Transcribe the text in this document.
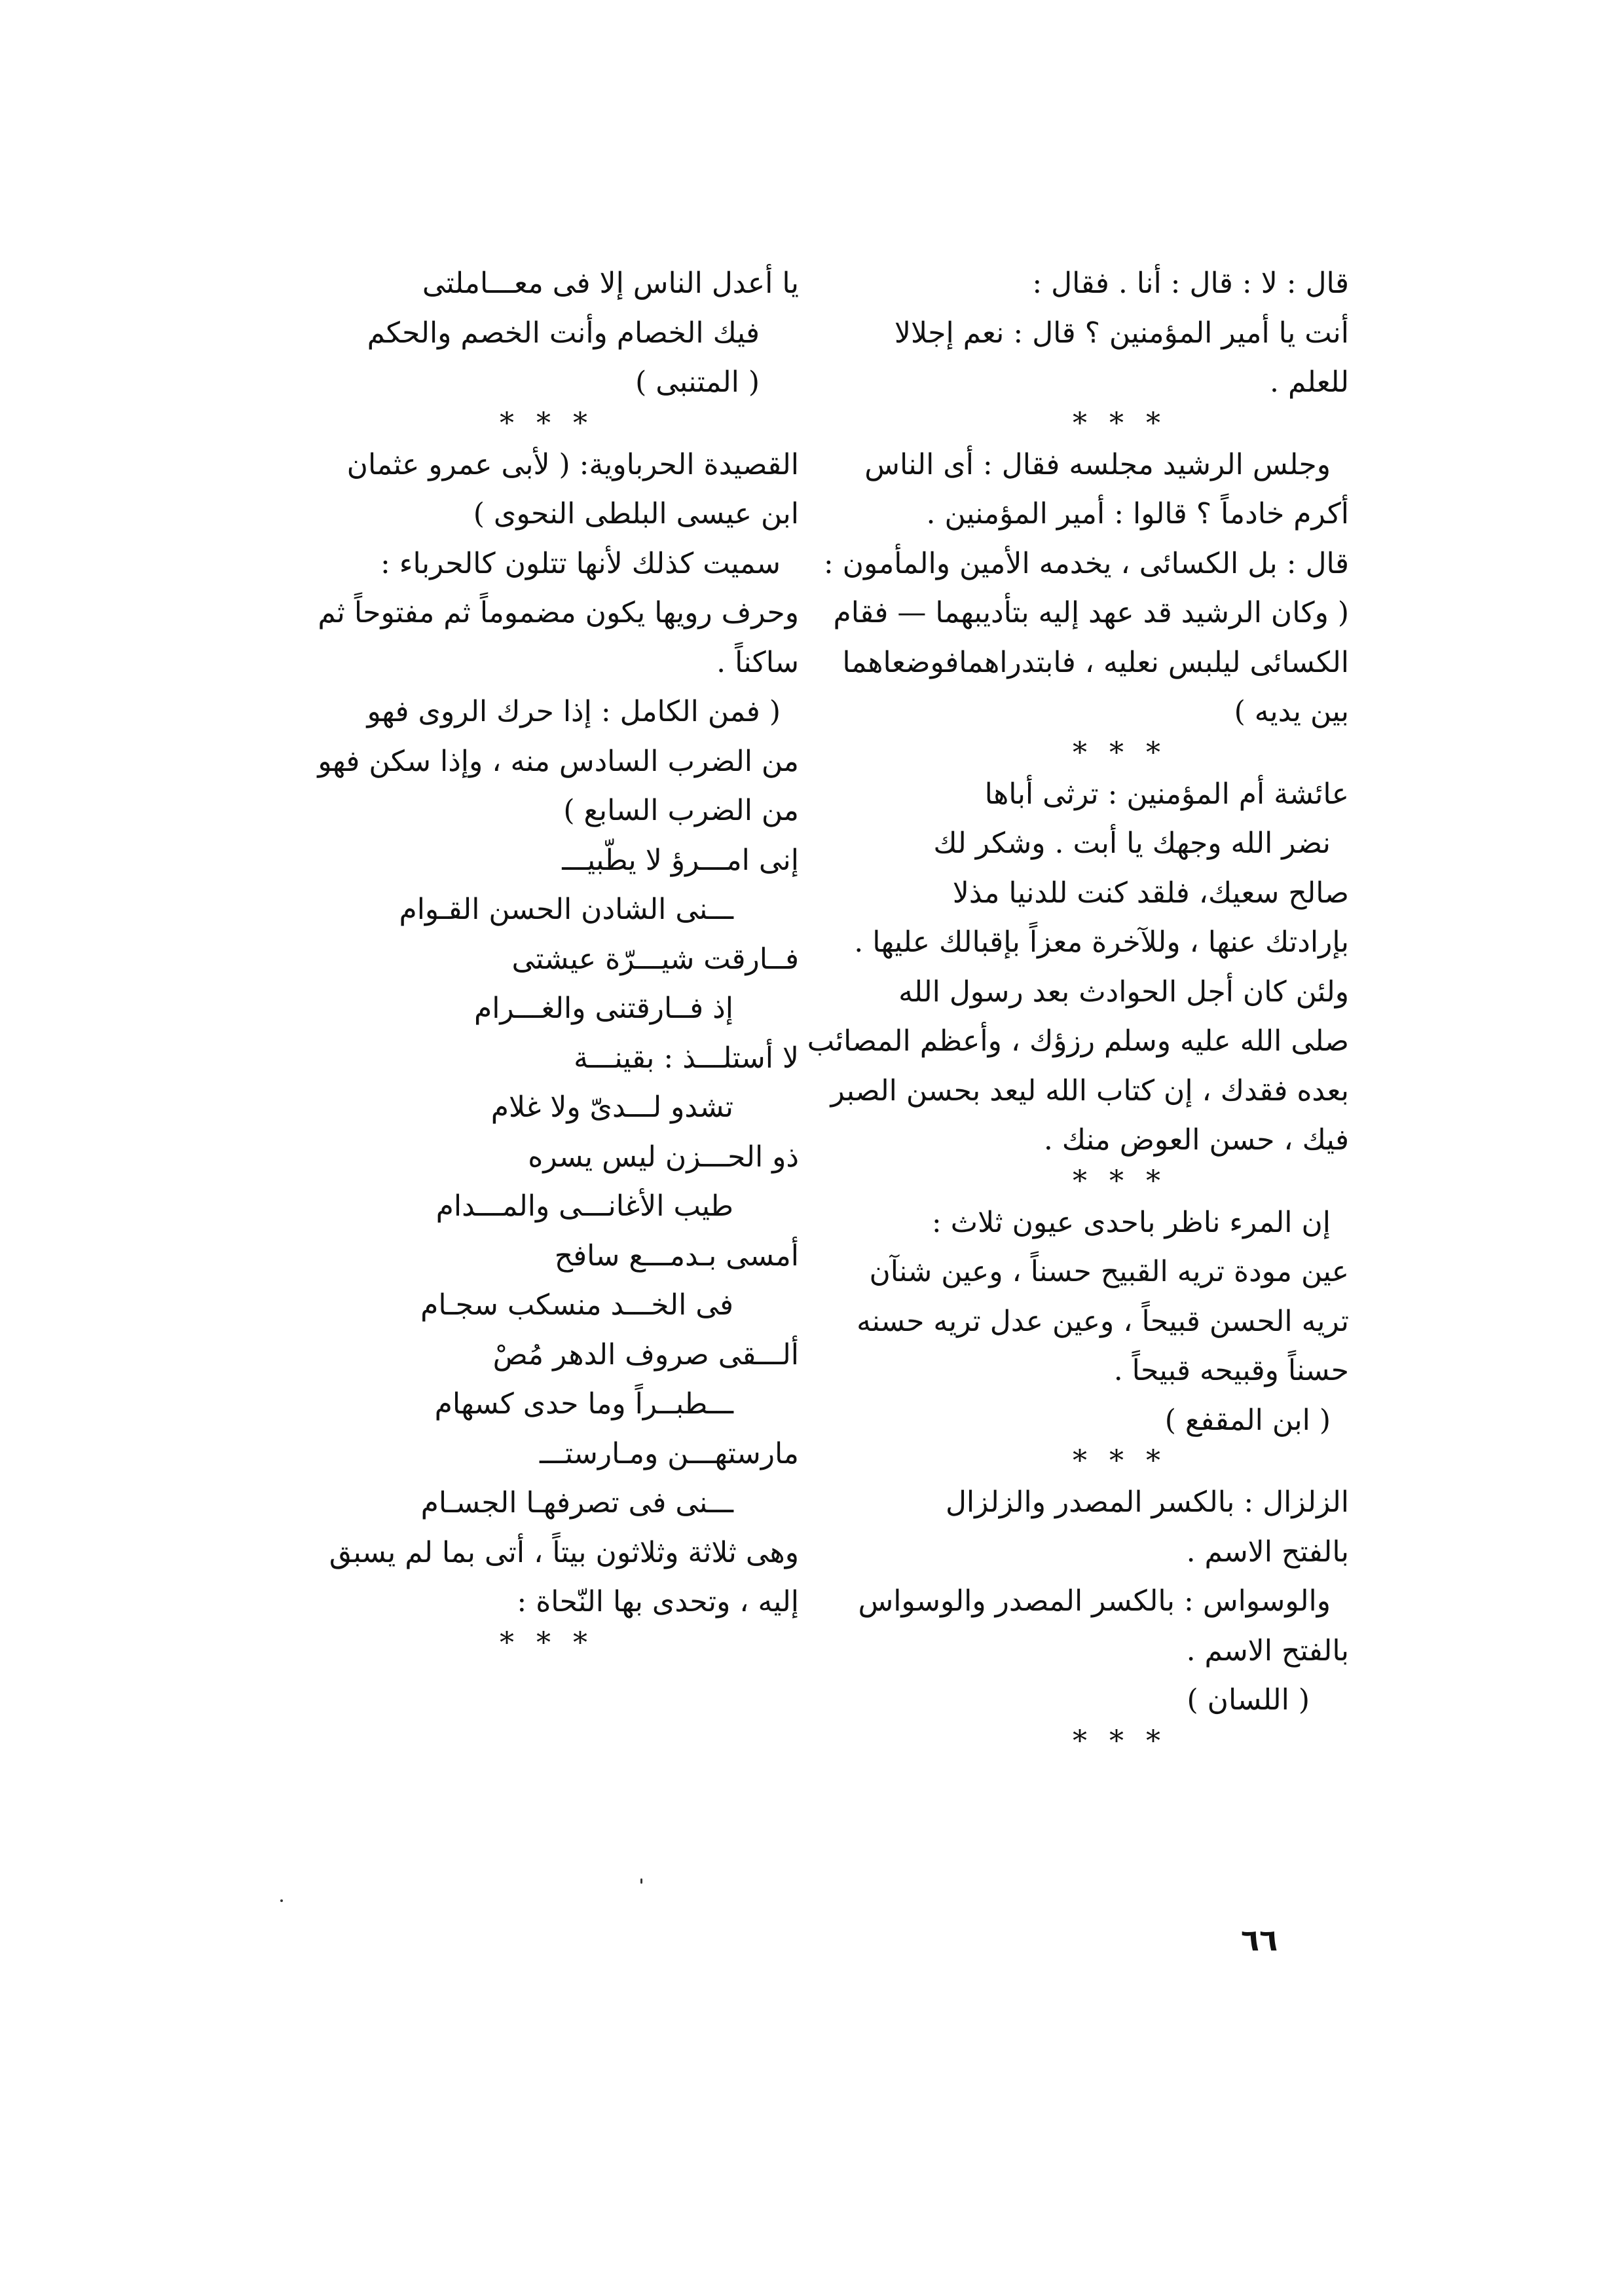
قال : لا : قال : أنا . فقال :
أنت يا أمير المؤمنين ؟ قال : نعم إجلالا
للعلم .
* * *
وجلس الرشيد مجلسه فقال : أى الناس
أكرم خادماً ؟ قالوا : أمير المؤمنين .
قال : بل الكسائى ، يخدمه الأمين والمأمون :
( وكان الرشيد قد عهد إليه بتأديبهما — فقام
الكسائى ليلبس نعليه ، فابتدراهمافوضعاهما
بين يديه )
* * *
عائشة أم المؤمنين : ترثى أباها
نضر الله وجهك يا أبت . وشكر لك
صالح سعيك، فلقد كنت للدنيا مذلا
بإرادتك عنها ، وللآخرة معزاً بإقبالك عليها .
ولئن كان أجل الحوادث بعد رسول الله
صلى الله عليه وسلم رزؤك ، وأعظم المصائب
بعده فقدك ، إن كتاب الله ليعد بحسن الصبر
فيك ، حسن العوض منك .
* * *
إن المرء ناظر باحدى عيون ثلاث :
عين مودة تريه القبيح حسناً ، وعين شنآن
تريه الحسن قبيحاً ، وعين عدل تريه حسنه
حسناً وقبيحه قبيحاً .
( ابن المقفع )
* * *
الزلزال : بالكسر المصدر والزلزال
بالفتح الاسم .
والوسواس : بالكسر المصدر والوسواس
بالفتح الاسم .
( اللسان )
* * *
يا أعدل الناس إلا فى معـــاملتى
فيك الخصام وأنت الخصم والحكم
( المتنبى )
* * *
القصيدة الحرباوية: ( لأبى عمرو عثمان
ابن عيسى البلطى النحوى )
سميت كذلك لأنها تتلون كالحرباء :
وحرف رويها يكون مضموماً ثم مفتوحاً ثم
ساكناً .
( فمن الكامل : إذا حرك الروى فهو
من الضرب السادس منه ، وإذا سكن فهو
من الضرب السابع )
إنى امـــرؤ لا يطّبيـــ
ـــنى الشادن الحسن القـوام
فــارقت شيـــرّة عيشتى
إذ فــارقتنى والغـــرام
لا أستلـــذ : بقينـــة
تشدو لـــدىّ ولا غلام
ذو الحـــزن ليس يسره
طيب الأغانـــى والمـــدام
أمسى بـدمـــع سافح
فى الخـــد منسكب سجـام
ألـــقى صروف الدهر مُصْ
ـــطبــراً وما حدى كسهام
مارستهـــن ومـارستـــ
ـــنى فى تصرفهـا الجسـام
وهى ثلاثة وثلاثون بيتاً ، أتى بما لم يسبق
إليه ، وتحدى بها النّحاة :
* * *
٦٦
